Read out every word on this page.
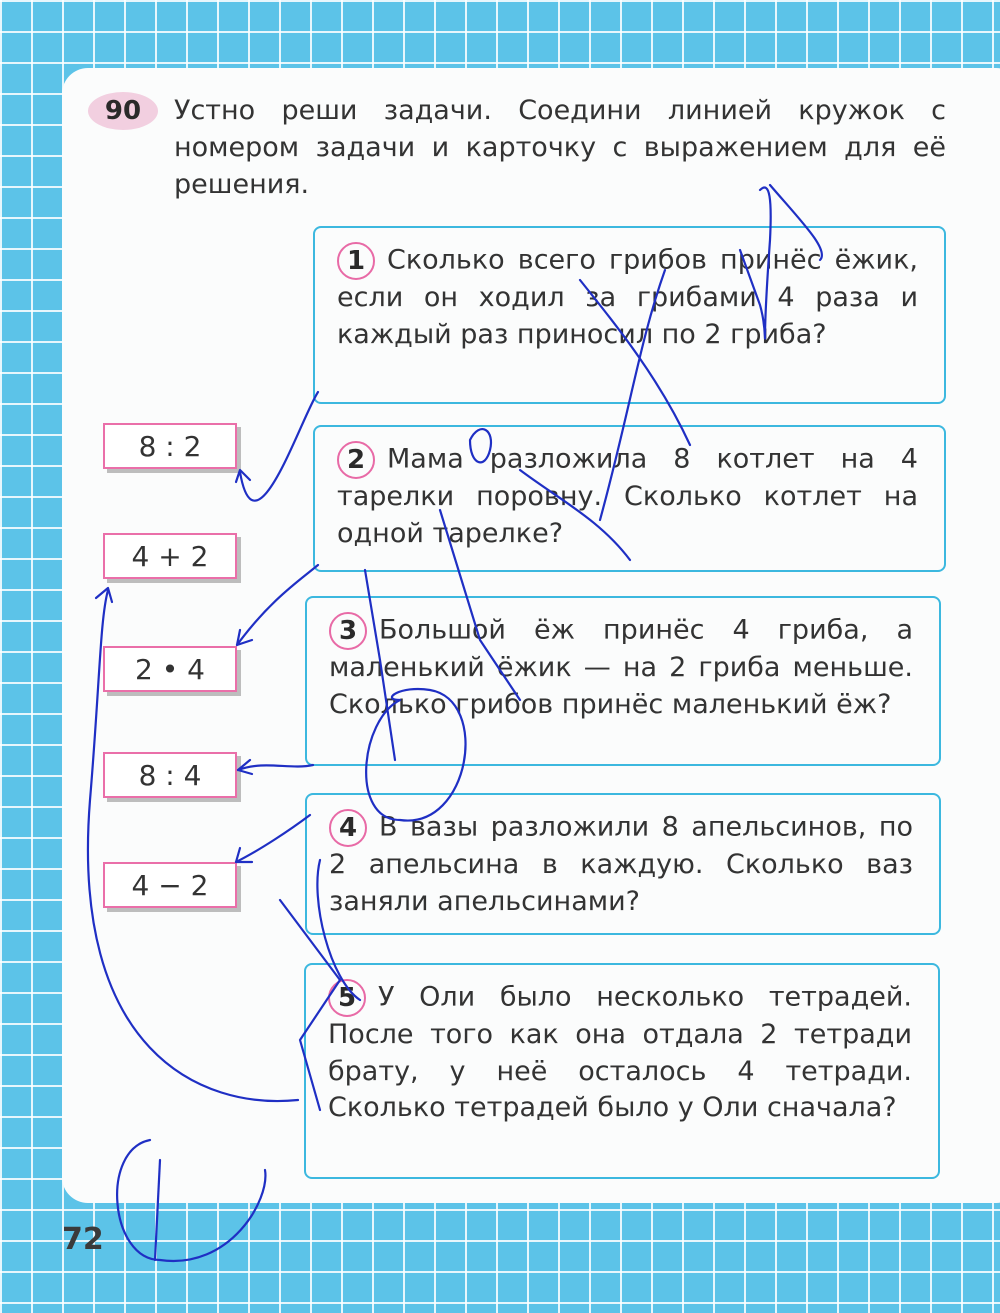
90	Устно реши задачи. Соедини линией кружок с номером задачи и карточку с выражением для её решения.
1 Сколько всего грибов принёс ёжик, если он ходил за грибами 4 раза и каждый раз приносил по 2 гриба?
2 Мама разложила 8 котлет на 4 тарелки поровну. Сколько котлет на одной тарелке?
3 Большой ёж принёс 4 гриба, а маленький ёжик — на 2 гриба меньше. Сколько грибов принёс маленький ёж?
4 В вазы разложили 8 апельсинов, по 2 апельсина в каждую. Сколько ваз заняли апельсинами?
5 У Оли было несколько тетрадей. После того как она отдала 2 тетради брату, у неё осталось 4 тетради. Сколько тетрадей было у Оли сначала?
8 : 2
4 + 2
2 • 4
8 : 4
4 − 2
72
